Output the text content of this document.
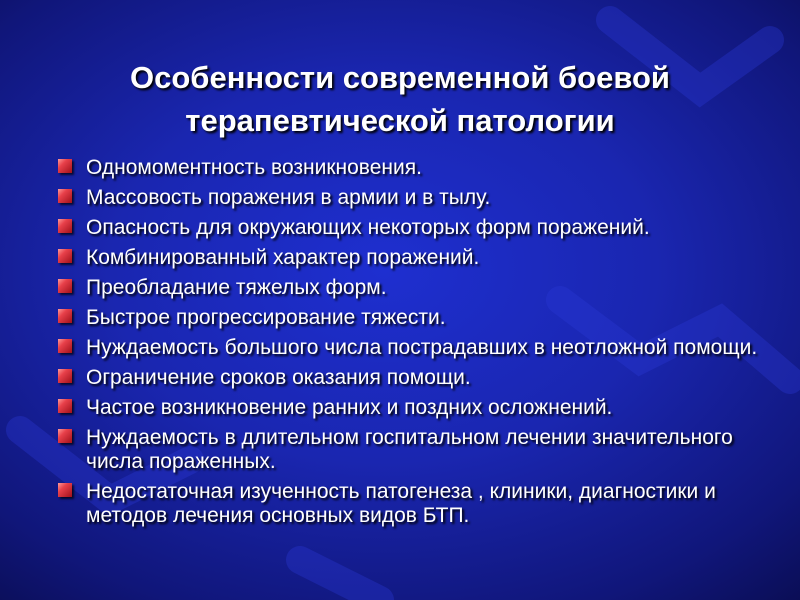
Особенности современной боевой
терапевтической патологии
Одномоментность возникновения.
Массовость поражения в армии и в тылу.
Опасность для окружающих некоторых форм поражений.
Комбинированный характер поражений.
Преобладание тяжелых форм.
Быстрое прогрессирование тяжести.
Нуждаемость большого числа пострадавших в неотложной помощи.
Ограничение сроков оказания помощи.
Частое возникновение ранних и поздних осложнений.
Нуждаемость в длительном госпитальном лечении значительного числа пораженных.
Недостаточная изученность патогенеза , клиники, диагностики и методов лечения основных видов БТП.
